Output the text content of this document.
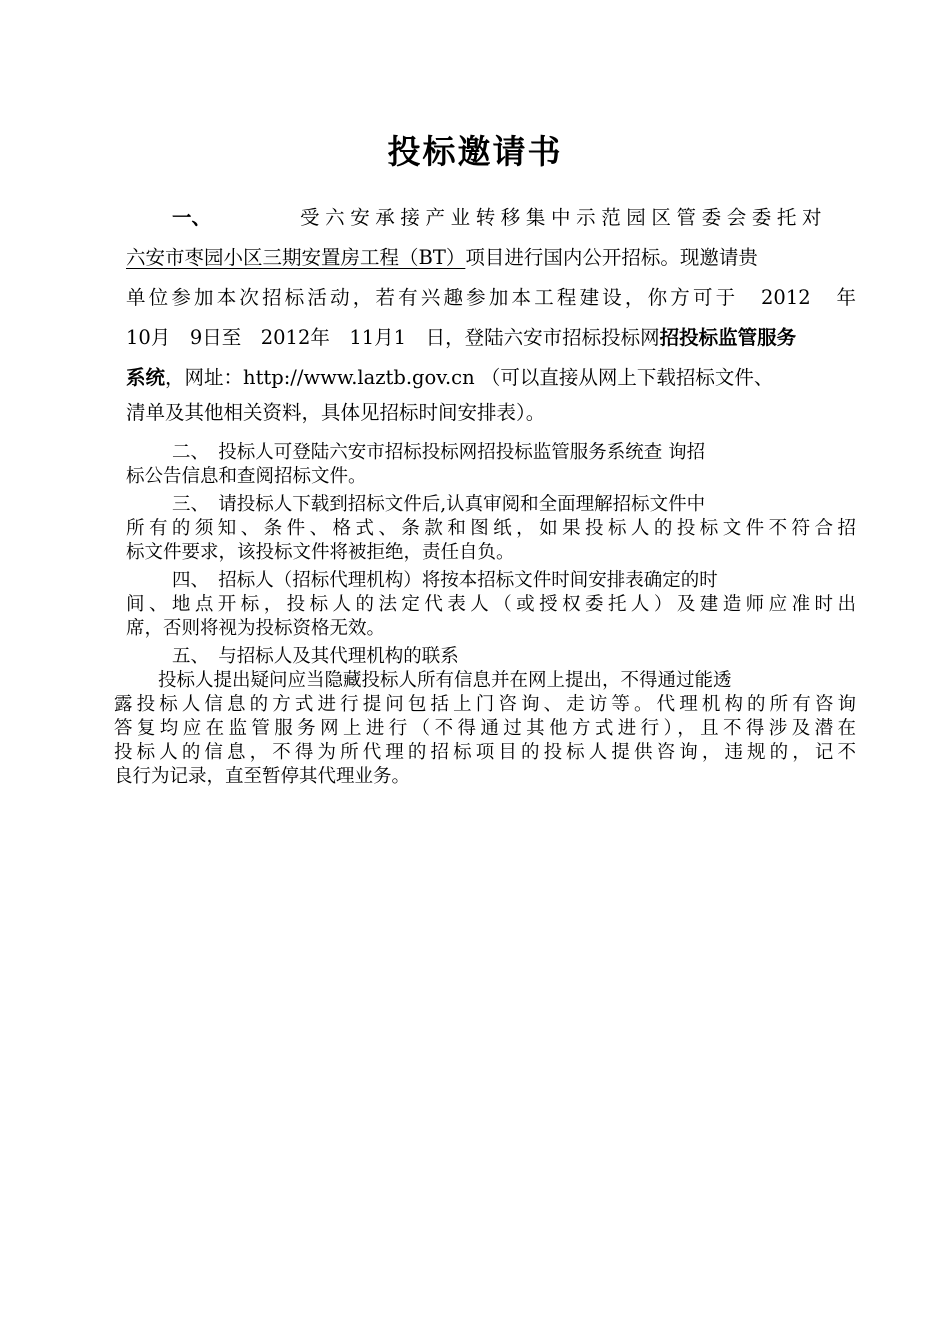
投标邀请书
一、	受六安承接产业转移集中示范园区管委会委托对
六安市枣园小区三期安置房工程（BT）项目进行国内公开招标。现邀请贵
单位参加本次招标活动，若有兴趣参加本工程建设，你方可于　2012　年
10月　9日至　2012年　11月1　日，登陆六安市招标投标网招投标监管服务
系统，网址：http://www.laztb.gov.cn （可以直接从网上下载招标文件、
清单及其他相关资料，具体见招标时间安排表）。
二、　投标人可登陆六安市招标投标网招投标监管服务系统查 询招
标公告信息和查阅招标文件。
三、　请投标人下载到招标文件后,认真审阅和全面理解招标文件中
所有的须知、条件、格式、条款和图纸，如果投标人的投标文件不符合招
标文件要求，该投标文件将被拒绝，责任自负。
四、　招标人（招标代理机构）将按本招标文件时间安排表确定的时
间、地点开标，投标人的法定代表人（或授权委托人）及建造师应准时出
席，否则将视为投标资格无效。
五、　与招标人及其代理机构的联系
投标人提出疑问应当隐藏投标人所有信息并在网上提出，不得通过能透
露投标人信息的方式进行提问包括上门咨询、走访等。代理机构的所有咨询
答复均应在监管服务网上进行（不得通过其他方式进行），且不得涉及潜在
投标人的信息，不得为所代理的招标项目的投标人提供咨询，违规的，记不
良行为记录，直至暂停其代理业务。
